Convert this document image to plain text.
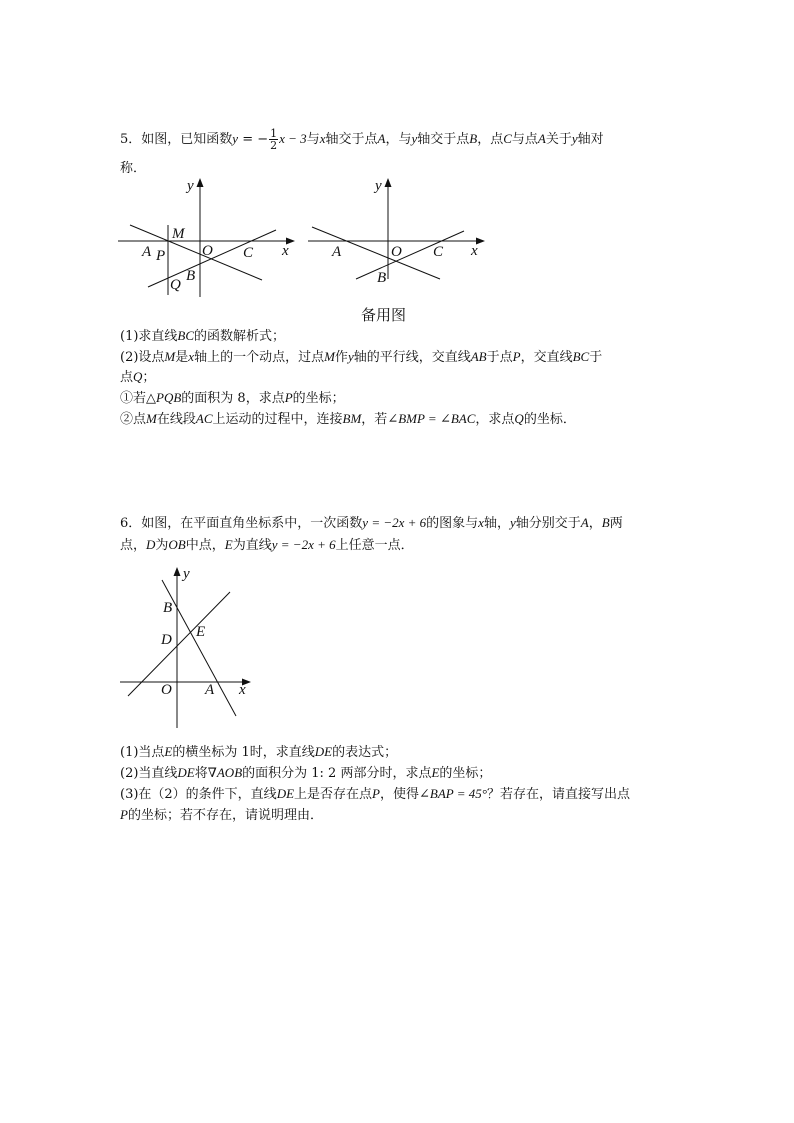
5．如图，已知函数y = − $\frac{1}{2}$ x − 3与x轴交于点A，与y轴交于点B，点C与点A关于y轴对
称．
y
M
A P O C x
B
Q
y
A	O C x
B
备用图
(1)求直线BC的函数解析式；
(2)设点M是x轴上的一个动点，过点M作y轴的平行线，交直线AB于点P，交直线BC于
点Q；
①若△PQB的面积为 8，求点P的坐标；
②点M在线段AC上运动的过程中，连接BM，若∠BMP = ∠BAC，求点Q的坐标．
6．如图，在平面直角坐标系中，一次函数y = −2x + 6的图象与x轴，y轴分别交于A，B两
点，D为OB中点，E为直线y = −2x + 6上任意一点．
y
B
E
D
O A x
(1)当点E的横坐标为 1时，求直线DE的表达式；
(2)当直线DE将∇AOB的面积分为 1: 2 两部分时，求点E的坐标；
(3)在（2）的条件下，直线DE上是否存在点P，使得∠BAP = 45°？若存在，请直接写出点
P的坐标；若不存在，请说明理由．
